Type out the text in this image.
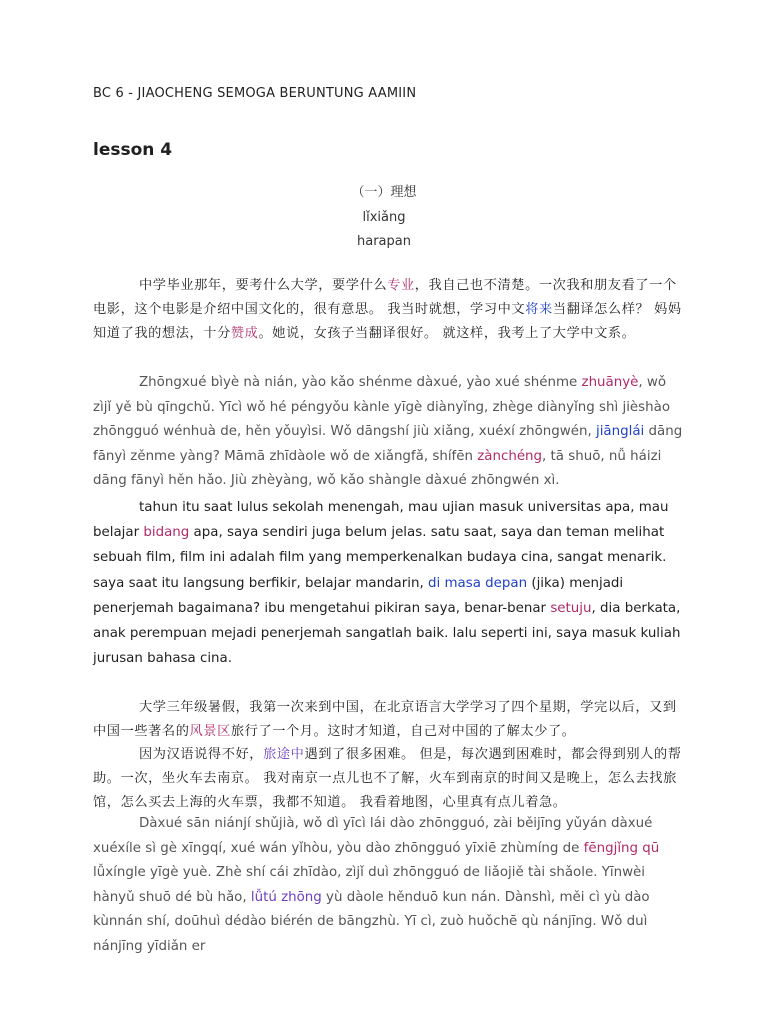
BC 6 - JIAOCHENG SEMOGA BERUNTUNG AAMIIN
lesson 4
（一）理想
lǐxiǎng
harapan
中学毕业那年，要考什么大学，要学什么专业，我自己也不清楚。一次我和朋友看了一个电影，这个电影是介绍中国文化的，很有意思。 我当时就想，学习中文将来当翻译怎么样？ 妈妈知道了我的想法，十分赞成。她说，女孩子当翻译很好。 就这样，我考上了大学中文系。
Zhōngxué bìyè nà nián, yào kǎo shénme dàxué, yào xué shénme zhuānyè, wǒ zìjǐ yě bù qīngchǔ. Yīcì wǒ hé péngyǒu kànle yīgè diànyǐng, zhège diànyǐng shì jièshào zhōngguó wénhuà de, hěn yǒuyìsi. Wǒ dāngshí jiù xiǎng, xuéxí zhōngwén, jiānglái dāng fānyì zěnme yàng? Māmā zhīdàole wǒ de xiǎngfǎ, shífēn zànchéng, tā shuō, nǚ háizi dāng fānyì hěn hǎo. Jiù zhèyàng, wǒ kǎo shàngle dàxué zhōngwén xì.
tahun itu saat lulus sekolah menengah, mau ujian masuk universitas apa, mau belajar bidang apa, saya sendiri juga belum jelas. satu saat, saya dan teman melihat sebuah film, film ini adalah film yang memperkenalkan budaya cina, sangat menarik. saya saat itu langsung berfikir, belajar mandarin, di masa depan (jika) menjadi penerjemah bagaimana? ibu mengetahui pikiran saya, benar-benar setuju, dia berkata, anak perempuan mejadi penerjemah sangatlah baik. lalu seperti ini, saya masuk kuliah jurusan bahasa cina.
大学三年级暑假，我第一次来到中国，在北京语言大学学习了四个星期，学完以后，又到中国一些著名的风景区旅行了一个月。这时才知道，自己对中国的了解太少了。
因为汉语说得不好，旅途中遇到了很多困难。 但是，每次遇到困难时，都会得到别人的帮助。一次，坐火车去南京。 我对南京一点儿也不了解，火车到南京的时间又是晚上，怎么去找旅馆，怎么买去上海的火车票，我都不知道。 我看着地图，心里真有点儿着急。
Dàxué sān niánjí shǔjià, wǒ dì yīcì lái dào zhōngguó, zài běijīng yǔyán dàxué xuéxíle sì gè xīngqí, xué wán yǐhòu, yòu dào zhōngguó yīxiē zhùmíng de fēngjǐng qū lǚxíngle yīgè yuè. Zhè shí cái zhīdào, zìjǐ duì zhōngguó de liǎojiě tài shǎole. Yīnwèi hànyǔ shuō dé bù hǎo, lǚtú zhōng yù dàole hěnduō kun nán. Dànshì, měi cì yù dào kùnnán shí, doūhuì dédào biérén de bāngzhù. Yī cì, zuò huǒchē qù nánjīng. Wǒ duì nánjīng yīdiǎn er
